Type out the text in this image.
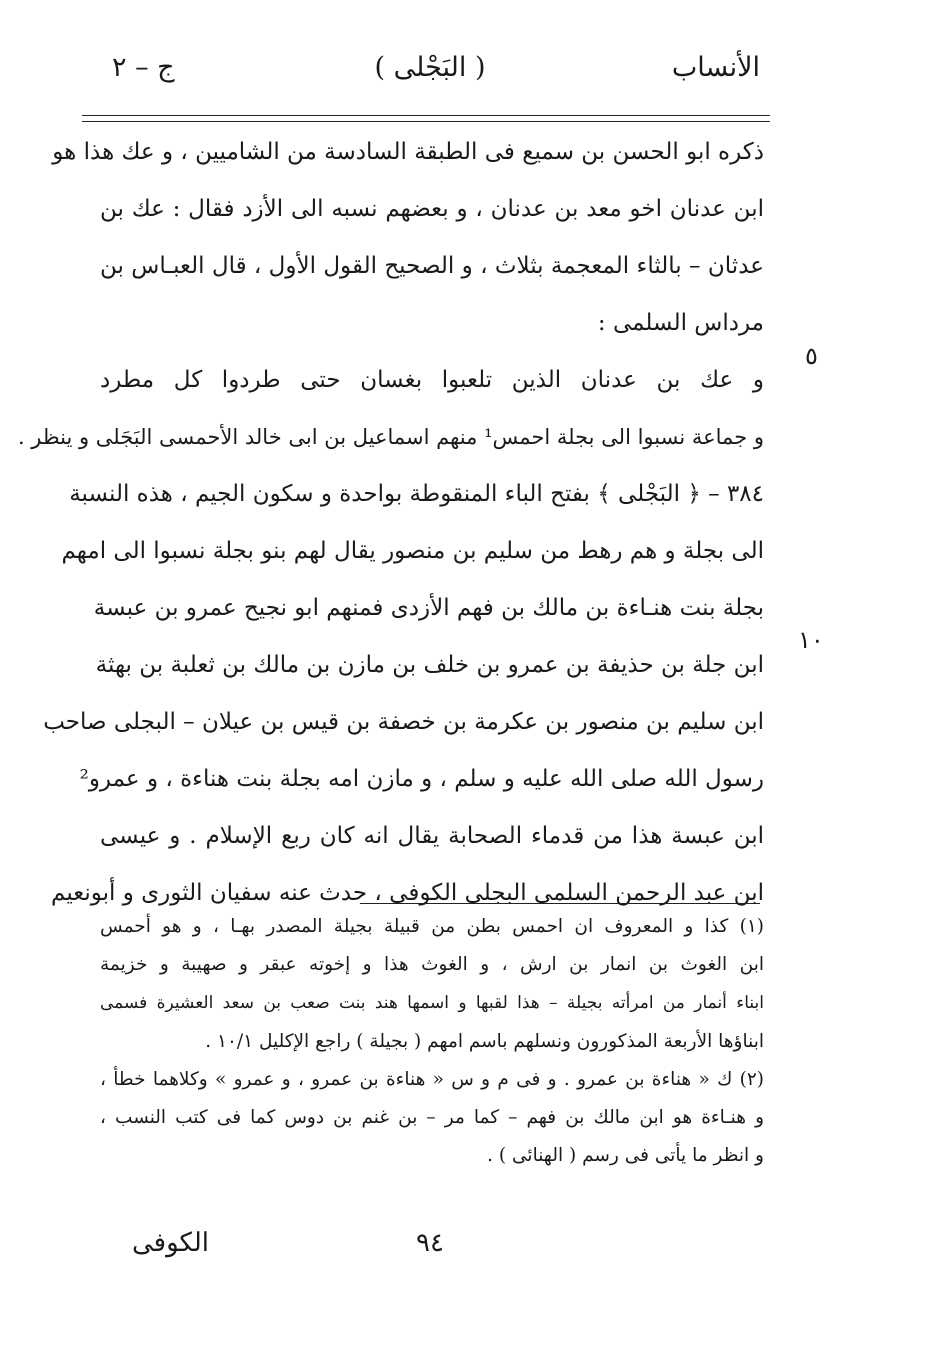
الأنساب
( البَجْلى )
ج – ٢
ذكره ابو الحسن بن سميع فى الطبقة السادسة من الشاميين ، و عك هذا هو
ابن عدنان اخو معد بن عدنان ، و بعضهم نسبه الى الأزد فقال : عك بن
عدثان – بالثاء المعجمة بثلاث ، و الصحيح القول الأول ، قال العبـاس بن
مرداس السلمى :
و عك بن عدنان الذين تلعبوا بغسان حتى طردوا كل مطرد
و جماعة نسبوا الى بجلة احمس¹ منهم اسماعيل بن ابى خالد الأحمسى البَجَلى و ينظر .
٣٨٤ – ﴿ البَجْلى ﴾ بفتح الباء المنقوطة بواحدة و سكون الجيم ، هذه النسبة
الى بجلة و هم رهط من سليم بن منصور يقال لهم بنو بجلة نسبوا الى امهم
بجلة بنت هنـاءة بن مالك بن فهم الأزدى فمنهم ابو نجيح عمرو بن عبسة
ابن جلة بن حذيفة بن عمرو بن خلف بن مازن بن مالك بن ثعلبة بن بهثة
ابن سليم بن منصور بن عكرمة بن خصفة بن قيس بن عيلان – البجلى صاحب
رسول الله صلى الله عليه و سلم ، و مازن امه بجلة بنت هناءة ، و عمرو²
ابن عبسة هذا من قدماء الصحابة يقال انه كان ربع الإسلام . و عيسى
ابن عبد الرحمن السلمى البجلى الكوفى ، حدث عنه سفيان الثورى و أبونعيم
٥
١٠
(١) كذا و المعروف ان احمس بطن من قبيلة بجيلة المصدر بهـا ، و هو أحمس
ابن الغوث بن انمار بن ارش ، و الغوث هذا و إخوته عبقر و صهيبة و خزيمة
ابناء أنمار من امرأته بجيلة – هذا لقبها و اسمها هند بنت صعب بن سعد العشيرة فسمى
ابناؤها الأربعة المذكورون ونسلهم باسم امهم ( بجيلة ) راجع الإكليل ١٠/١ .
(٢) ك « هناءة بن عمرو . و فى م و س « هناءة بن عمرو ، و عمرو » وكلاهما خطأ ،
و هنـاءة هو ابن مالك بن فهم – كما مر – بن غنم بن دوس كما فى كتب النسب ،
و انظر ما يأتى فى رسم ( الهنائى ) .
٩٤
الكوفى
